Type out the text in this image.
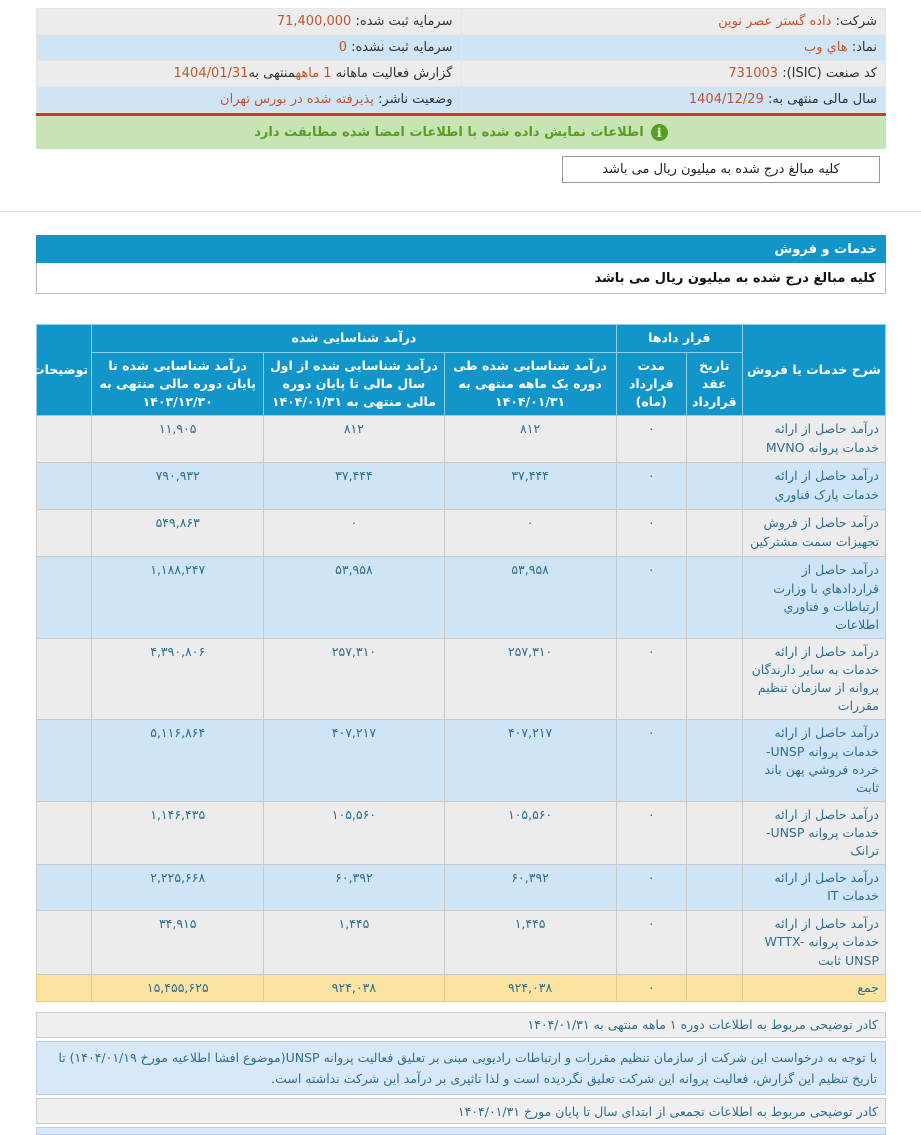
شرکت: داده گستر عصر نوین	سرمایه ثبت شده: 71,400,000
نماد: هاي وب	سرمایه ثبت نشده: 0
کد صنعت (ISIC): 731003	گزارش فعالیت ماهانه 1 ماههمنتهی به1404/01/31
سال مالی منتهی به: 1404/12/29	وضعیت ناشر: پذیرفته شده در بورس تهران
i
اطلاعات نمایش داده شده با اطلاعات امضا شده مطابقت دارد
کلیه مبالغ درج شده به میلیون ریال می باشد
خدمات و فروش
کلیه مبالغ درج شده به میلیون ریال می باشد
شرح خدمات یا فروش	قرار دادها		درآمد شناسایی شده			توضیحات
	تاریخ عقد قرارداد	مدت قرارداد (ماه)	درآمد شناسایی شده طی دوره یک ماهه منتهی به ۱۴۰۴/۰۱/۳۱	درآمد شناسایی شده از اول سال مالی تا پایان دوره مالی منتهی به ۱۴۰۴/۰۱/۳۱	درآمد شناسایی شده تا پایان دوره مالی منتهی به ۱۴۰۳/۱۲/۳۰	
درآمد حاصل از ارائه خدمات پروانه MVNO		۰	۸۱۲	۸۱۲	۱۱,۹۰۵	
درآمد حاصل از ارائه خدمات پارک فناوري		۰	۳۷,۴۴۴	۳۷,۴۴۴	۷۹۰,۹۳۲	
درآمد حاصل از فروش تجهیزات سمت مشترکین		۰	۰	۰	۵۴۹,۸۶۳	
درآمد حاصل از قراردادهاي با وزارت ارتباطات و فناوري اطلاعات		۰	۵۳,۹۵۸	۵۳,۹۵۸	۱,۱۸۸,۲۴۷	
درآمد حاصل از ارائه خدمات به سایر دارندگان پروانه از سازمان تنظیم مقررات		۰	۲۵۷,۳۱۰	۲۵۷,۳۱۰	۴,۳۹۰,۸۰۶	
درآمد حاصل از ارائه خدمات پروانه UNSP-خرده فروشي پهن باند ثابت		۰	۴۰۷,۲۱۷	۴۰۷,۲۱۷	۵,۱۱۶,۸۶۴	
درآمد حاصل از ارائه خدمات پروانه UNSP-ترانک		۰	۱۰۵,۵۶۰	۱۰۵,۵۶۰	۱,۱۴۶,۴۳۵	
درآمد حاصل از ارائه خدمات IT		۰	۶۰,۳۹۲	۶۰,۳۹۲	۲,۲۲۵,۶۶۸	
درآمد حاصل از ارائه خدمات پروانه WTTX-UNSP ثابت		۰	۱,۴۴۵	۱,۴۴۵	۳۴,۹۱۵	
جمع		۰	۹۲۴,۰۳۸	۹۲۴,۰۳۸	۱۵,۴۵۵,۶۲۵	
کادر توضیحی مربوط به اطلاعات دوره ۱ ماهه منتهی به ۱۴۰۴/۰۱/۳۱
با توجه به درخواست این شرکت از سازمان تنظیم مقررات و ارتباطات رادیویی مبنی بر تعلیق فعالیت پروانه UNSP(موضوع افشا اطلاعیه مورخ ۱۴۰۴/۰۱/۱۹) تا تاریخ تنظیم این گزارش، فعالیت پروانه این شرکت تعلیق نگردیده است و لذا تاثیری بر درآمد این شرکت نداشته است.
کادر توضیحی مربوط به اطلاعات تجمعی از ابتدای سال تا پایان مورخ ۱۴۰۴/۰۱/۳۱
